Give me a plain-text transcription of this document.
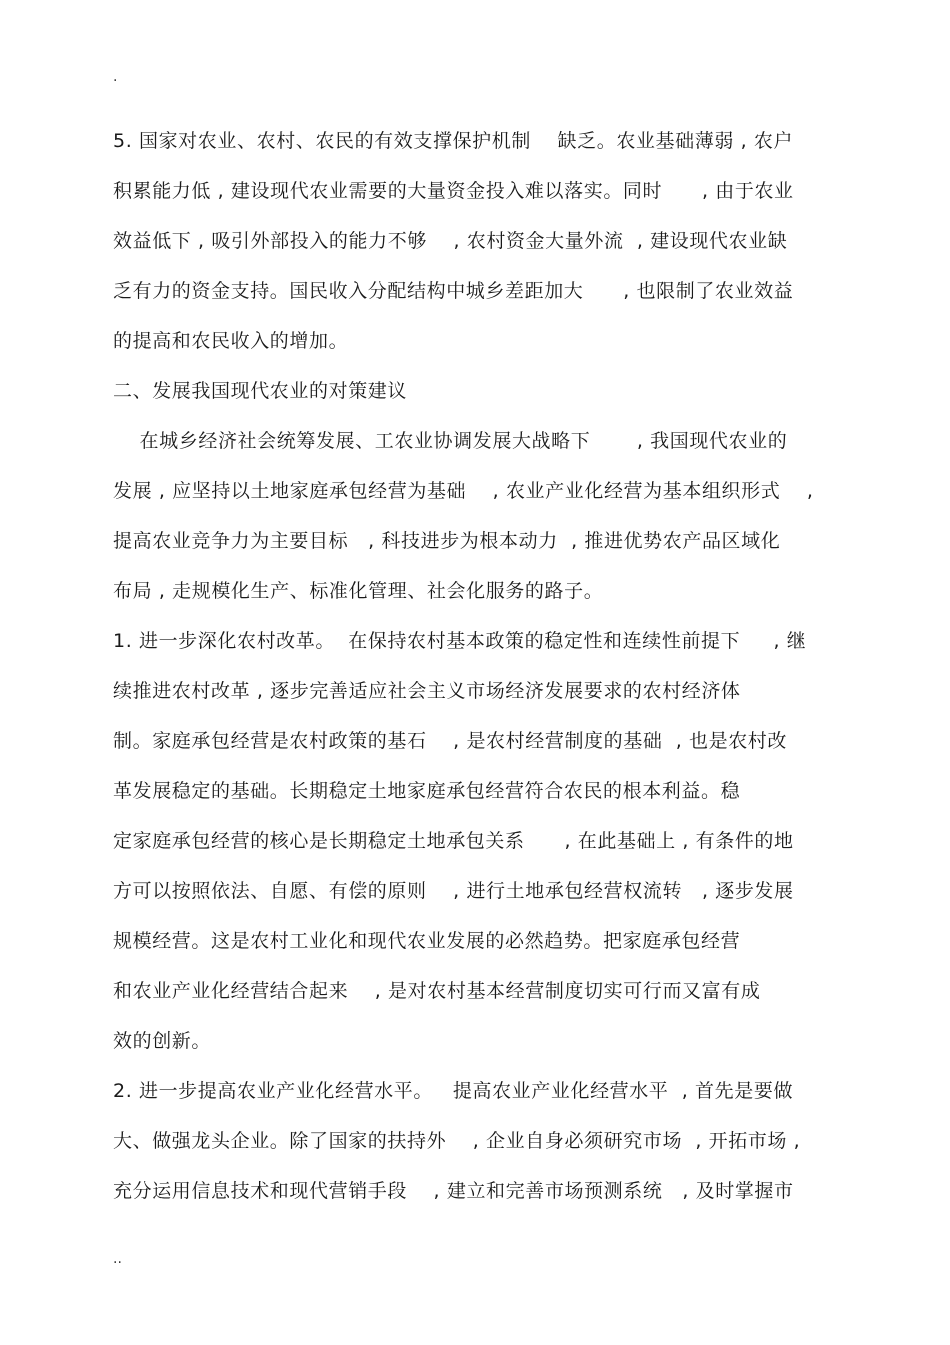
.
5. 国家对农业、农村、农民的有效支撑保护机制    缺乏。农业基础薄弱 , 农户
积累能力低 , 建设现代农业需要的大量资金投入难以落实。同时      , 由于农业
效益低下 , 吸引外部投入的能力不够    , 农村资金大量外流  , 建设现代农业缺
乏有力的资金支持。国民收入分配结构中城乡差距加大      , 也限制了农业效益
的提高和农民收入的增加。
二、发展我国现代农业的对策建议
在城乡经济社会统筹发展、工农业协调发展大战略下       , 我国现代农业的
发展 , 应坚持以土地家庭承包经营为基础    , 农业产业化经营为基本组织形式    ,
提高农业竞争力为主要目标   , 科技进步为根本动力  , 推进优势农产品区域化
布局 , 走规模化生产、标准化管理、社会化服务的路子。
1. 进一步深化农村改革。  在保持农村基本政策的稳定性和连续性前提下     , 继
续推进农村改革 , 逐步完善适应社会主义市场经济发展要求的农村经济体
制。家庭承包经营是农村政策的基石    , 是农村经营制度的基础  , 也是农村改
革发展稳定的基础。长期稳定土地家庭承包经营符合农民的根本利益。稳
定家庭承包经营的核心是长期稳定土地承包关系      , 在此基础上 , 有条件的地
方可以按照依法、自愿、有偿的原则    , 进行土地承包经营权流转   , 逐步发展
规模经营。这是农村工业化和现代农业发展的必然趋势。把家庭承包经营
和农业产业化经营结合起来    , 是对农村基本经营制度切实可行而又富有成
效的创新。
2. 进一步提高农业产业化经营水平。   提高农业产业化经营水平  , 首先是要做
大、做强龙头企业。除了国家的扶持外    , 企业自身必须研究市场  , 开拓市场 ,
充分运用信息技术和现代营销手段    , 建立和完善市场预测系统   , 及时掌握市
..
